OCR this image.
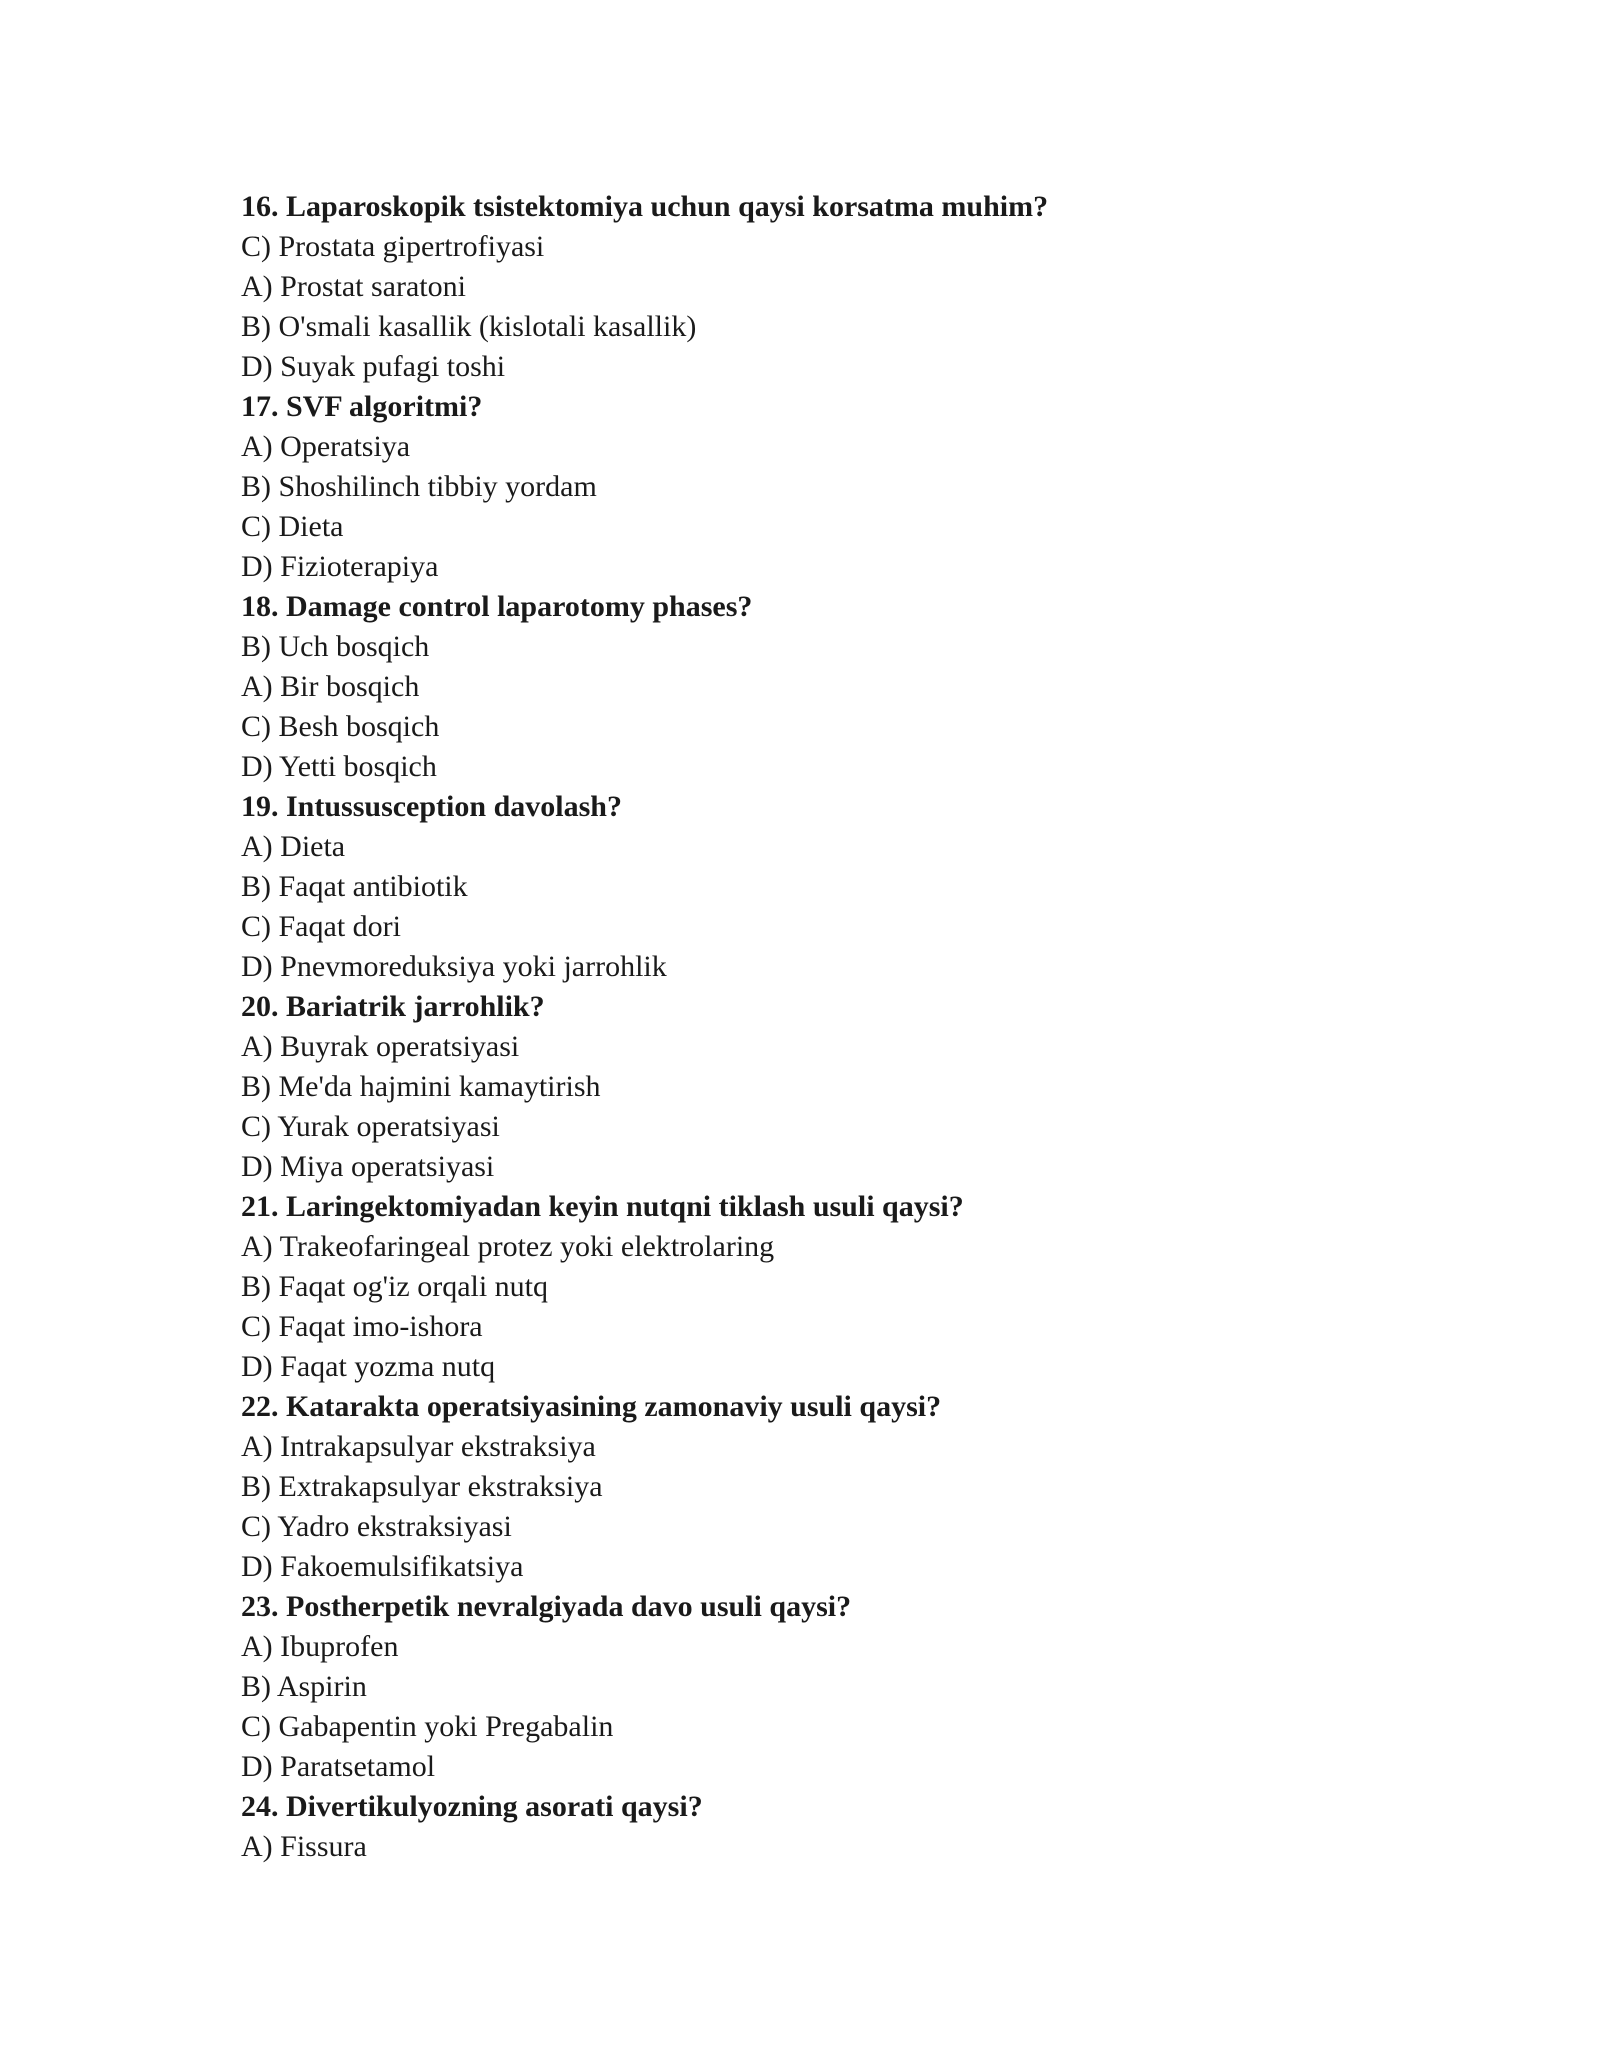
16. Laparoskopik tsistektomiya uchun qaysi korsatma muhim?
C) Prostata gipertrofiyasi
A) Prostat saratoni
B) O'smali kasallik (kislotali kasallik)
D) Suyak pufagi toshi
17. SVF algoritmi?
A) Operatsiya
B) Shoshilinch tibbiy yordam
C) Dieta
D) Fizioterapiya
18. Damage control laparotomy phases?
B) Uch bosqich
A) Bir bosqich
C) Besh bosqich
D) Yetti bosqich
19. Intussusception davolash?
A) Dieta
B) Faqat antibiotik
C) Faqat dori
D) Pnevmoreduksiya yoki jarrohlik
20. Bariatrik jarrohlik?
A) Buyrak operatsiyasi
B) Me'da hajmini kamaytirish
C) Yurak operatsiyasi
D) Miya operatsiyasi
21. Laringektomiyadan keyin nutqni tiklash usuli qaysi?
A) Trakeofaringeal protez yoki elektrolaring
B) Faqat og'iz orqali nutq
C) Faqat imo-ishora
D) Faqat yozma nutq
22. Katarakta operatsiyasining zamonaviy usuli qaysi?
A) Intrakapsulyar ekstraksiya
B) Extrakapsulyar ekstraksiya
C) Yadro ekstraksiyasi
D) Fakoemulsifikatsiya
23. Postherpetik nevralgiyada davo usuli qaysi?
A) Ibuprofen
B) Aspirin
C) Gabapentin yoki Pregabalin
D) Paratsetamol
24. Divertikulyozning asorati qaysi?
A) Fissura
